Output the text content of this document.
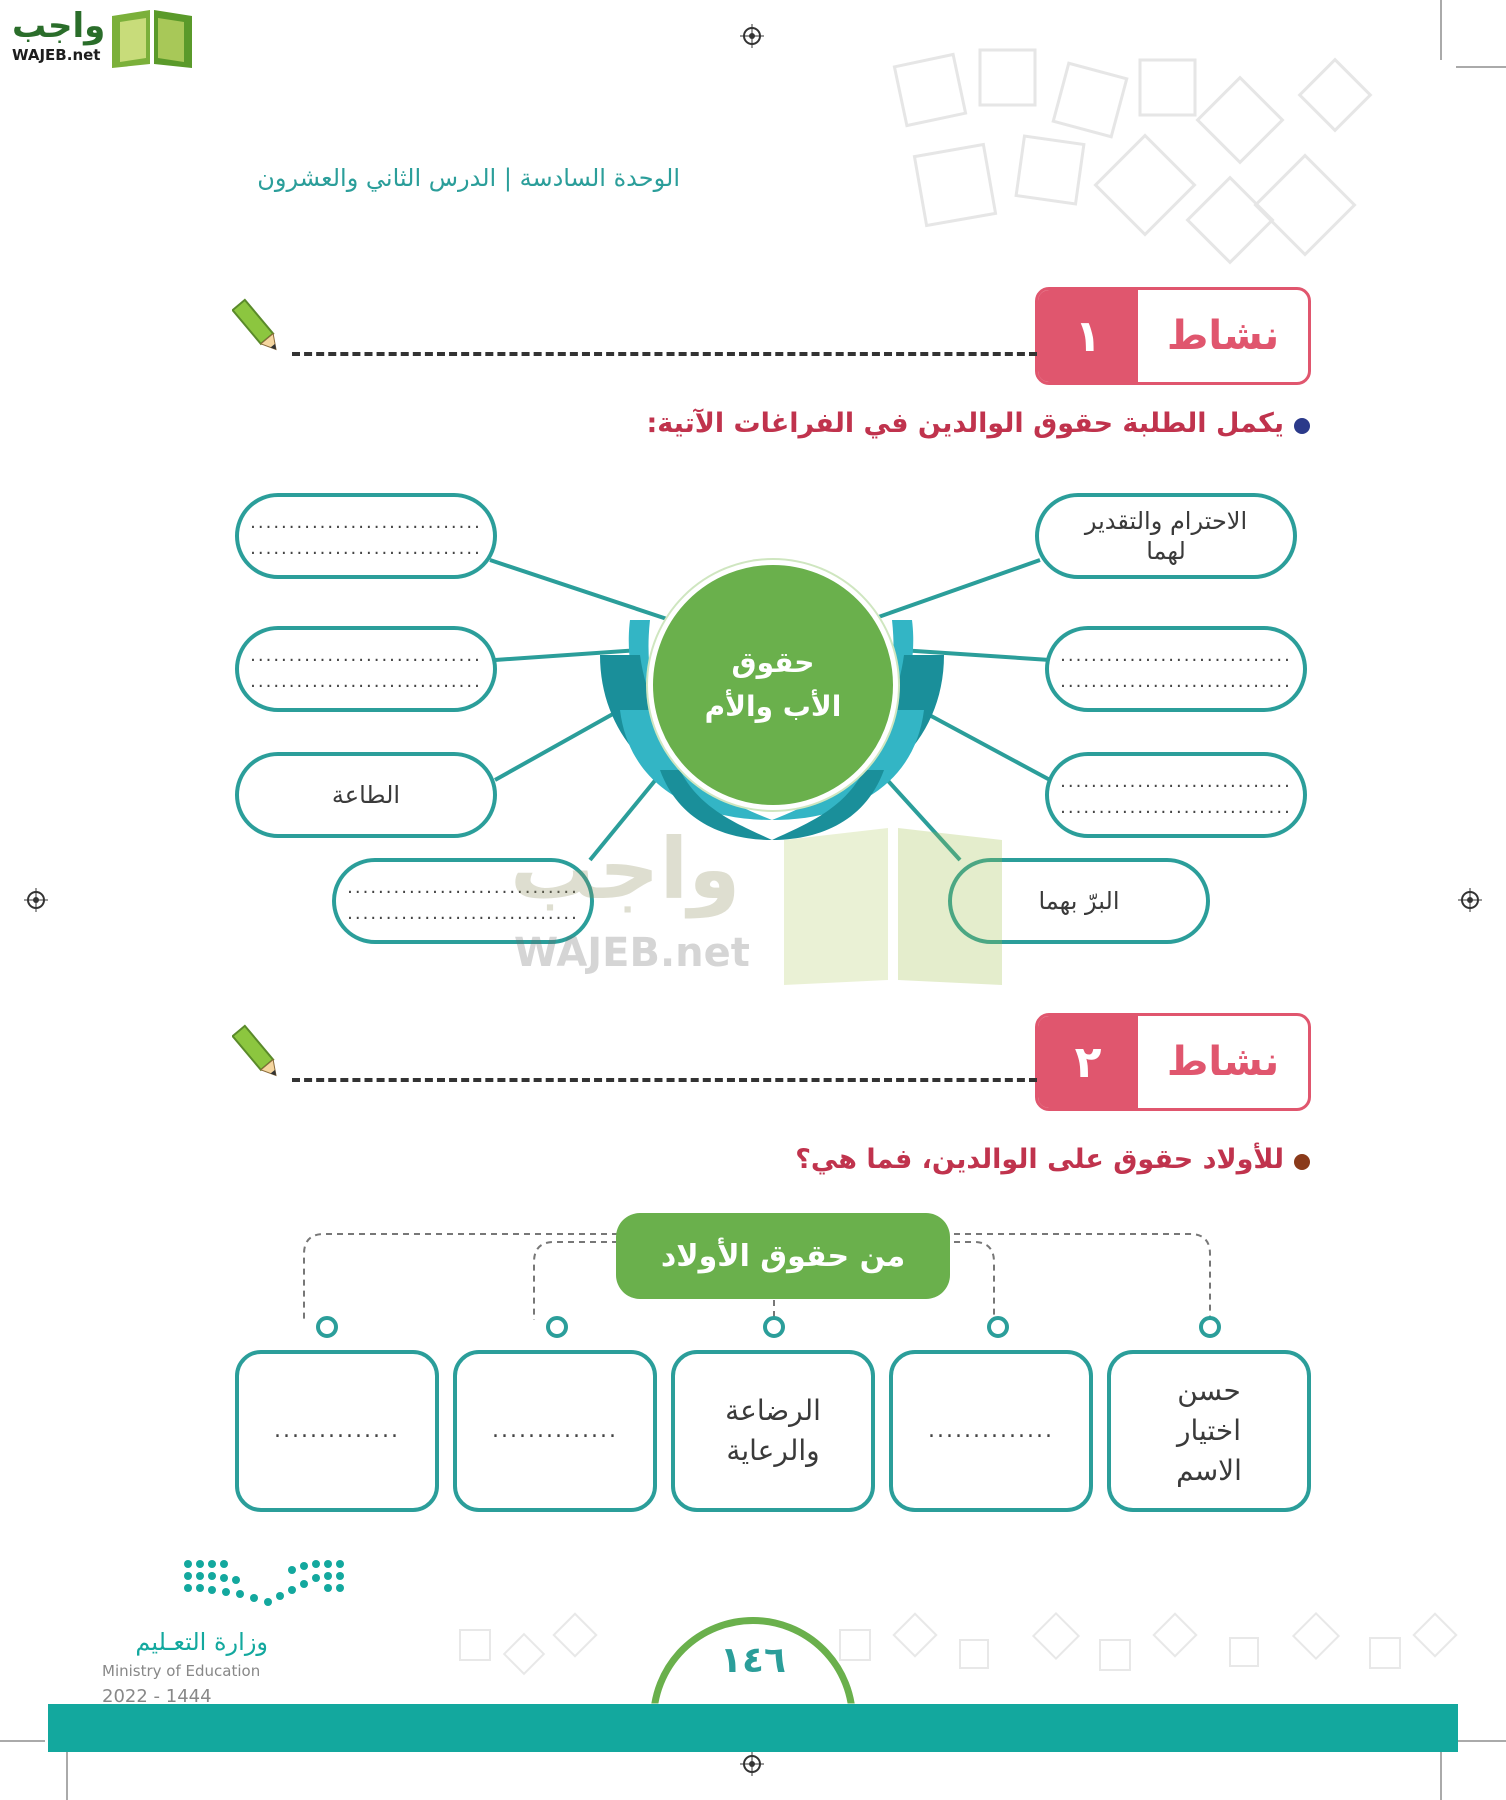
واجب
WAJEB.net
الوحدة السادسة | الدرس الثاني والعشرون
١	نشاط
يكمل الطلبة حقوق الوالدين في الفراغات الآتية:
حقوق
الأب والأم
الاحترام والتقدير
لهما
..............................
..............................
..............................
..............................
البرّ بهما
..............................
..............................
..............................
..............................
الطاعة
..............................
..............................
واجب
WAJEB.net
٢	نشاط
للأولاد حقوق على الوالدين، فما هي؟
من حقوق الأولاد
حسن
اختيار
الاسم
..............
الرضاعة
والرعاية
..............
..............
١٤٦
وزارة التعـليم
Ministry of Education
2022 - 1444
